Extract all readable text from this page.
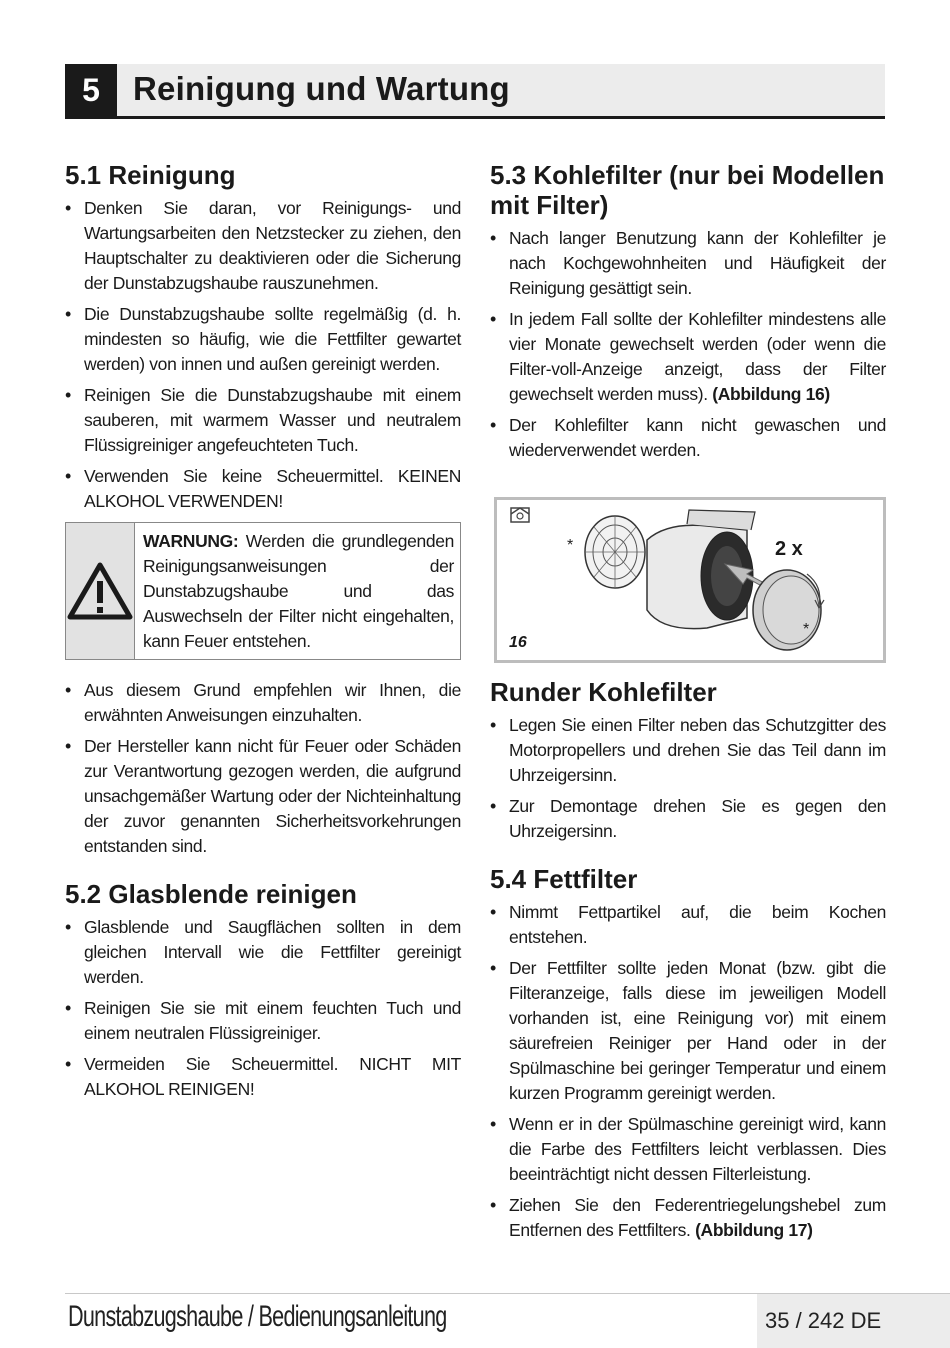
5	Reinigung und Wartung
5.1 Reinigung
• Denken Sie daran, vor Reinigungs- und Wartungsarbeiten den Netzstecker zu ziehen, den Hauptschalter zu deaktivieren oder die Sicherung der Dunstabzugshaube rauszunehmen.
• Die Dunstabzugshaube sollte regelmäßig (d. h. mindesten so häufig, wie die Fettfilter gewartet werden) von innen und außen gereinigt werden.
• Reinigen Sie die Dunstabzugshaube mit einem sauberen, mit warmem Wasser und neutralem Flüssigreiniger angefeuchteten Tuch.
• Verwenden Sie keine Scheuermittel. KEINEN ALKOHOL VERWENDEN!
WARNUNG: Werden die grundlegenden Reinigungsanweisungen der Dunstabzugshaube und das Auswechseln der Filter nicht eingehalten, kann Feuer entstehen.
• Aus diesem Grund empfehlen wir Ihnen, die erwähnten Anweisungen einzuhalten.
• Der Hersteller kann nicht für Feuer oder Schäden zur Verantwortung gezogen werden, die aufgrund unsachgemäßer Wartung oder der Nichteinhaltung der zuvor genannten Sicherheitsvorkehrungen entstanden sind.
5.2 Glasblende reinigen
• Glasblende und Saugflächen sollten in dem gleichen Intervall wie die Fettfilter gereinigt werden.
• Reinigen Sie sie mit einem feuchten Tuch und einem neutralen Flüssigreiniger.
• Vermeiden Sie Scheuermittel. NICHT MIT ALKOHOL REINIGEN!
5.3 Kohlefilter (nur bei Modellen mit Filter)
• Nach langer Benutzung kann der Kohlefilter je nach Kochgewohnheiten und Häufigkeit der Reinigung gesättigt sein.
• In jedem Fall sollte der Kohlefilter mindestens alle vier Monate gewechselt werden (oder wenn die Filter-voll-Anzeige anzeigt, dass der Filter gewechselt werden muss). (Abbildung 16)
• Der Kohlefilter kann nicht gewaschen und wiederverwendet werden.
*
*
2 x
16
Runder Kohlefilter
• Legen Sie einen Filter neben das Schutzgitter des Motorpropellers und drehen Sie das Teil dann im Uhrzeigersinn.
• Zur Demontage drehen Sie es gegen den Uhrzeigersinn.
5.4 Fettfilter
• Nimmt Fettpartikel auf, die beim Kochen entstehen.
• Der Fettfilter sollte jeden Monat (bzw. gibt die Filteranzeige, falls diese im jeweiligen Modell vorhanden ist, eine Reinigung vor) mit einem säurefreien Reiniger per Hand oder in der Spülmaschine bei geringer Temperatur und einem kurzen Programm gereinigt werden.
• Wenn er in der Spülmaschine gereinigt wird, kann die Farbe des Fettfilters leicht verblassen. Dies beeinträchtigt nicht dessen Filterleistung.
• Ziehen Sie den Federentriegelungshebel zum Entfernen des Fettfilters. (Abbildung 17)
Dunstabzugshaube / Bedienungsanleitung	35 / 242 DE
